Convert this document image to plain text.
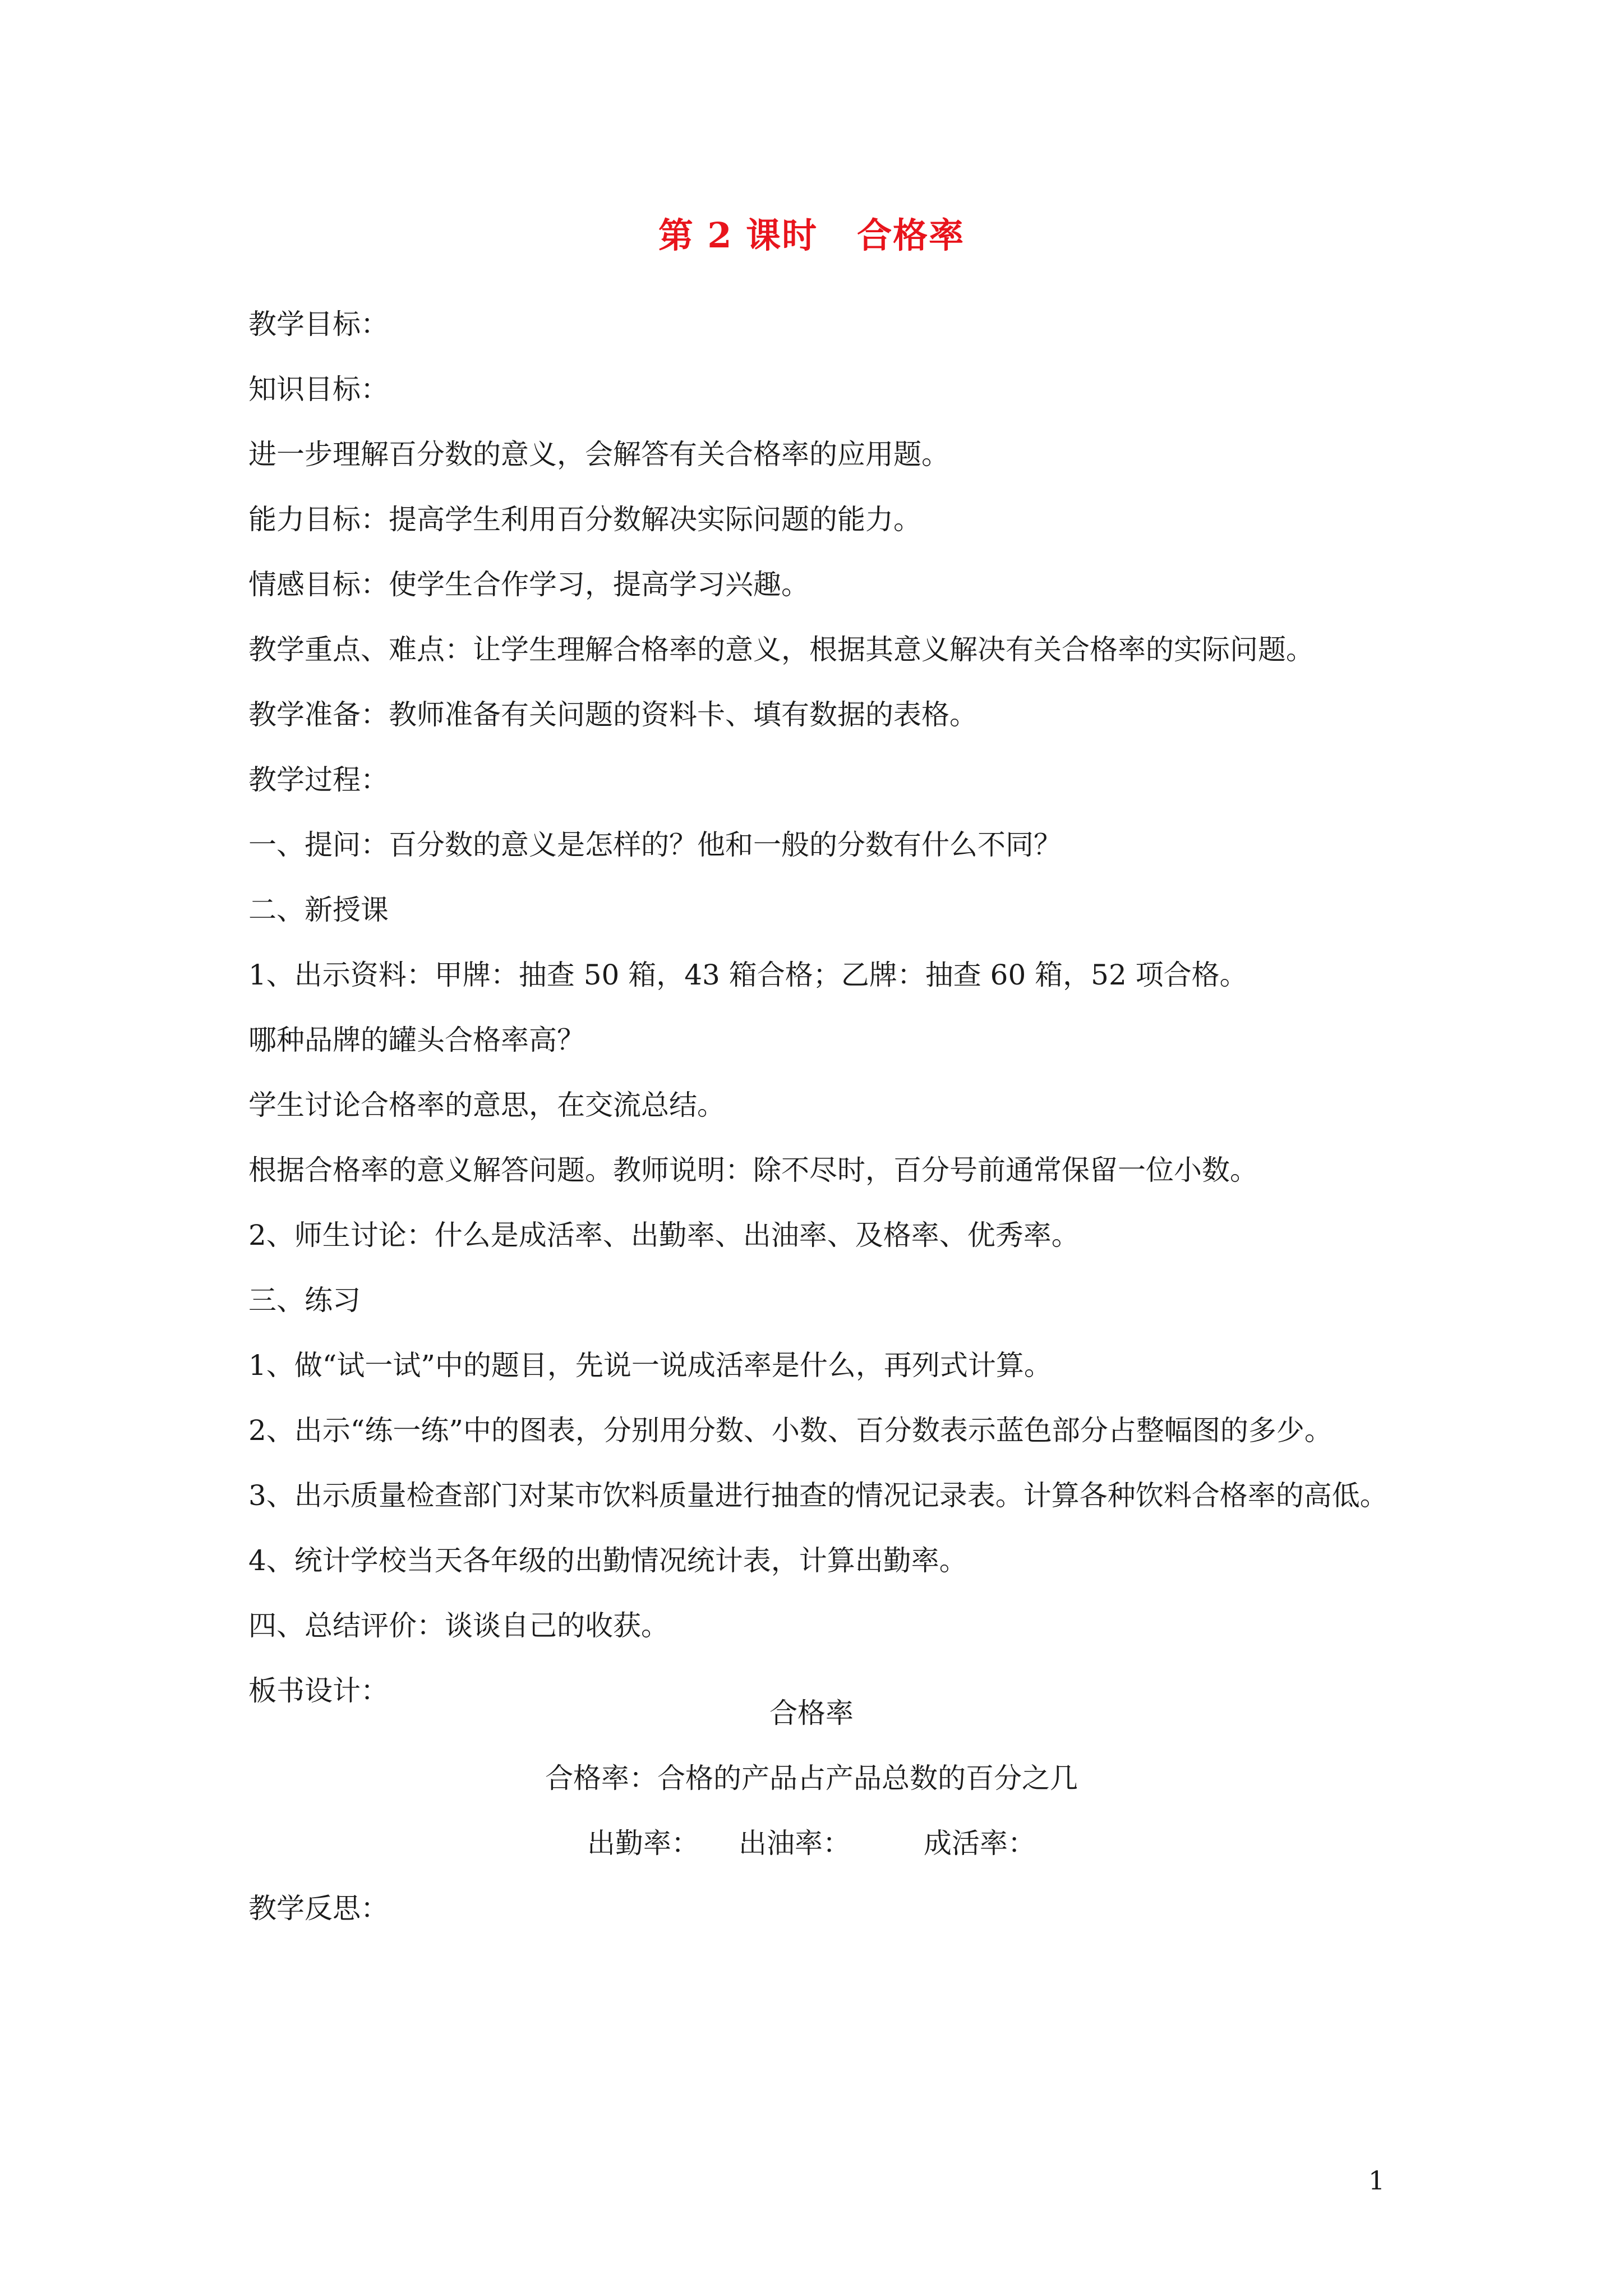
第 2 课时 合格率
教学目标：
知识目标：
进一步理解百分数的意义，会解答有关合格率的应用题。
能力目标：提高学生利用百分数解决实际问题的能力。
情感目标：使学生合作学习，提高学习兴趣。
教学重点、难点：让学生理解合格率的意义，根据其意义解决有关合格率的实际问题。
教学准备：教师准备有关问题的资料卡、填有数据的表格。
教学过程：
一、提问：百分数的意义是怎样的？他和一般的分数有什么不同？
二、新授课
1、出示资料：甲牌：抽查 50 箱，43 箱合格；乙牌：抽查 60 箱，52 项合格。
哪种品牌的罐头合格率高？
学生讨论合格率的意思，在交流总结。
根据合格率的意义解答问题。教师说明：除不尽时，百分号前通常保留一位小数。
2、师生讨论：什么是成活率、出勤率、出油率、及格率、优秀率。
三、练习
1、做“试一试”中的题目，先说一说成活率是什么，再列式计算。
2、出示“练一练”中的图表，分别用分数、小数、百分数表示蓝色部分占整幅图的多少。
3、出示质量检查部门对某市饮料质量进行抽查的情况记录表。计算各种饮料合格率的高低。
4、统计学校当天各年级的出勤情况统计表，计算出勤率。
四、总结评价：谈谈自己的收获。
板书设计：
合格率
合格率：合格的产品占产品总数的百分之几
出勤率： 出油率：	成活率：
教学反思：
1
